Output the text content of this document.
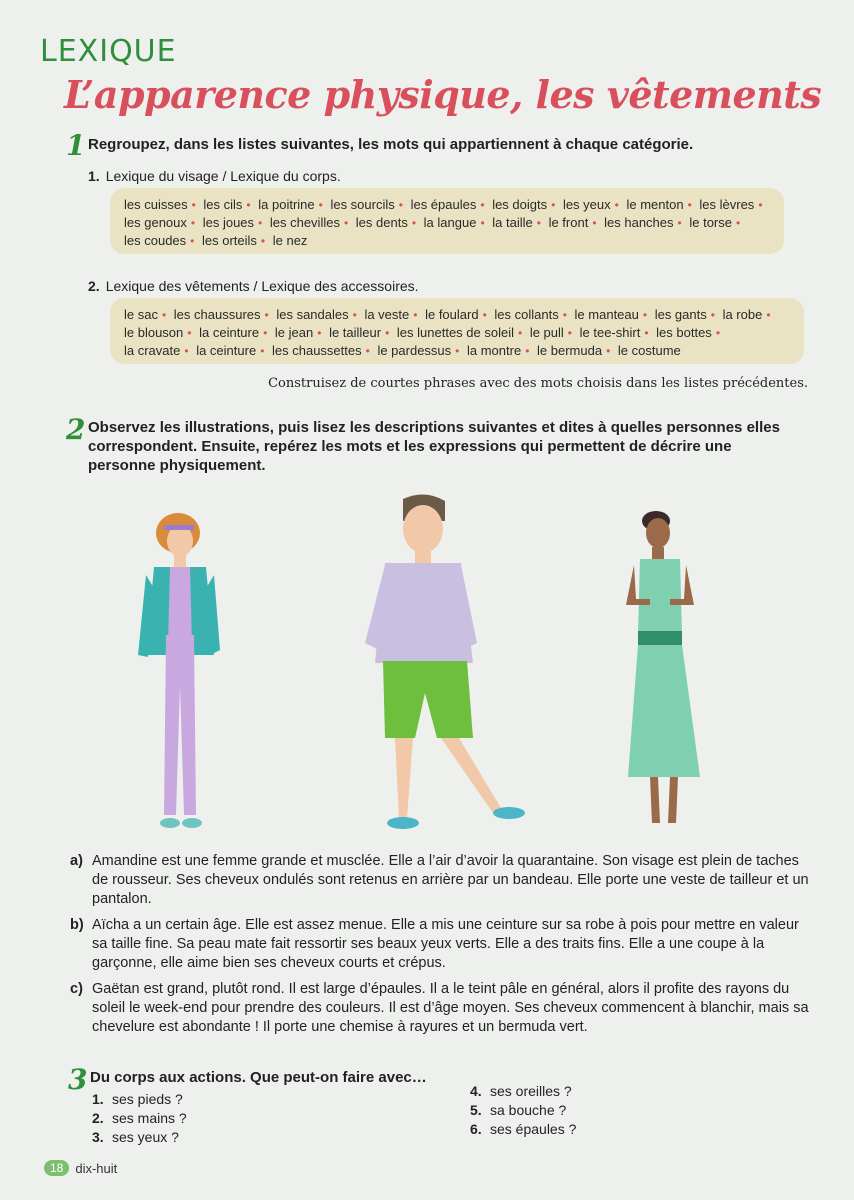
LEXIQUE
L’apparence physique, les vêtements
1 Regroupez, dans les listes suivantes, les mots qui appartiennent à chaque catégorie.
1. Lexique du visage / Lexique du corps.
les cuisses • les cils • la poitrine • les sourcils • les épaules • les doigts • les yeux • le menton • les lèvres • les genoux • les joues • les chevilles • les dents • la langue • la taille • le front • les hanches • le torse • les coudes • les orteils • le nez
2. Lexique des vêtements / Lexique des accessoires.
le sac • les chaussures • les sandales • la veste • le foulard • les collants • le manteau • les gants • la robe • le blouson • la ceinture • le jean • le tailleur • les lunettes de soleil • le pull • le tee-shirt • les bottes • la cravate • la ceinture • les chaussettes • le pardessus • la montre • le bermuda • le costume
Construisez de courtes phrases avec des mots choisis dans les listes précédentes.
2 Observez les illustrations, puis lisez les descriptions suivantes et dites à quelles personnes elles correspondent. Ensuite, repérez les mots et les expressions qui permettent de décrire une personne physiquement.
a) Amandine est une femme grande et musclée. Elle a l’air d’avoir la quarantaine. Son visage est plein de taches de rousseur. Ses cheveux ondulés sont retenus en arrière par un bandeau. Elle porte une veste de tailleur et un pantalon.
b) Aïcha a un certain âge. Elle est assez menue. Elle a mis une ceinture sur sa robe à pois pour mettre en valeur sa taille fine. Sa peau mate fait ressortir ses beaux yeux verts. Elle a des traits fins. Elle a une coupe à la garçonne, elle aime bien ses cheveux courts et crépus.
c) Gaëtan est grand, plutôt rond. Il est large d’épaules. Il a le teint pâle en général, alors il profite des rayons du soleil le week-end pour prendre des couleurs. Il est d’âge moyen. Ses cheveux commencent à blanchir, mais sa chevelure est abondante ! Il porte une chemise à rayures et un bermuda vert.
3 Du corps aux actions. Que peut-on faire avec…
1. ses pieds ?
2. ses mains ?
3. ses yeux ?
4. ses oreilles ?
5. sa bouche ?
6. ses épaules ?
18 dix-huit
